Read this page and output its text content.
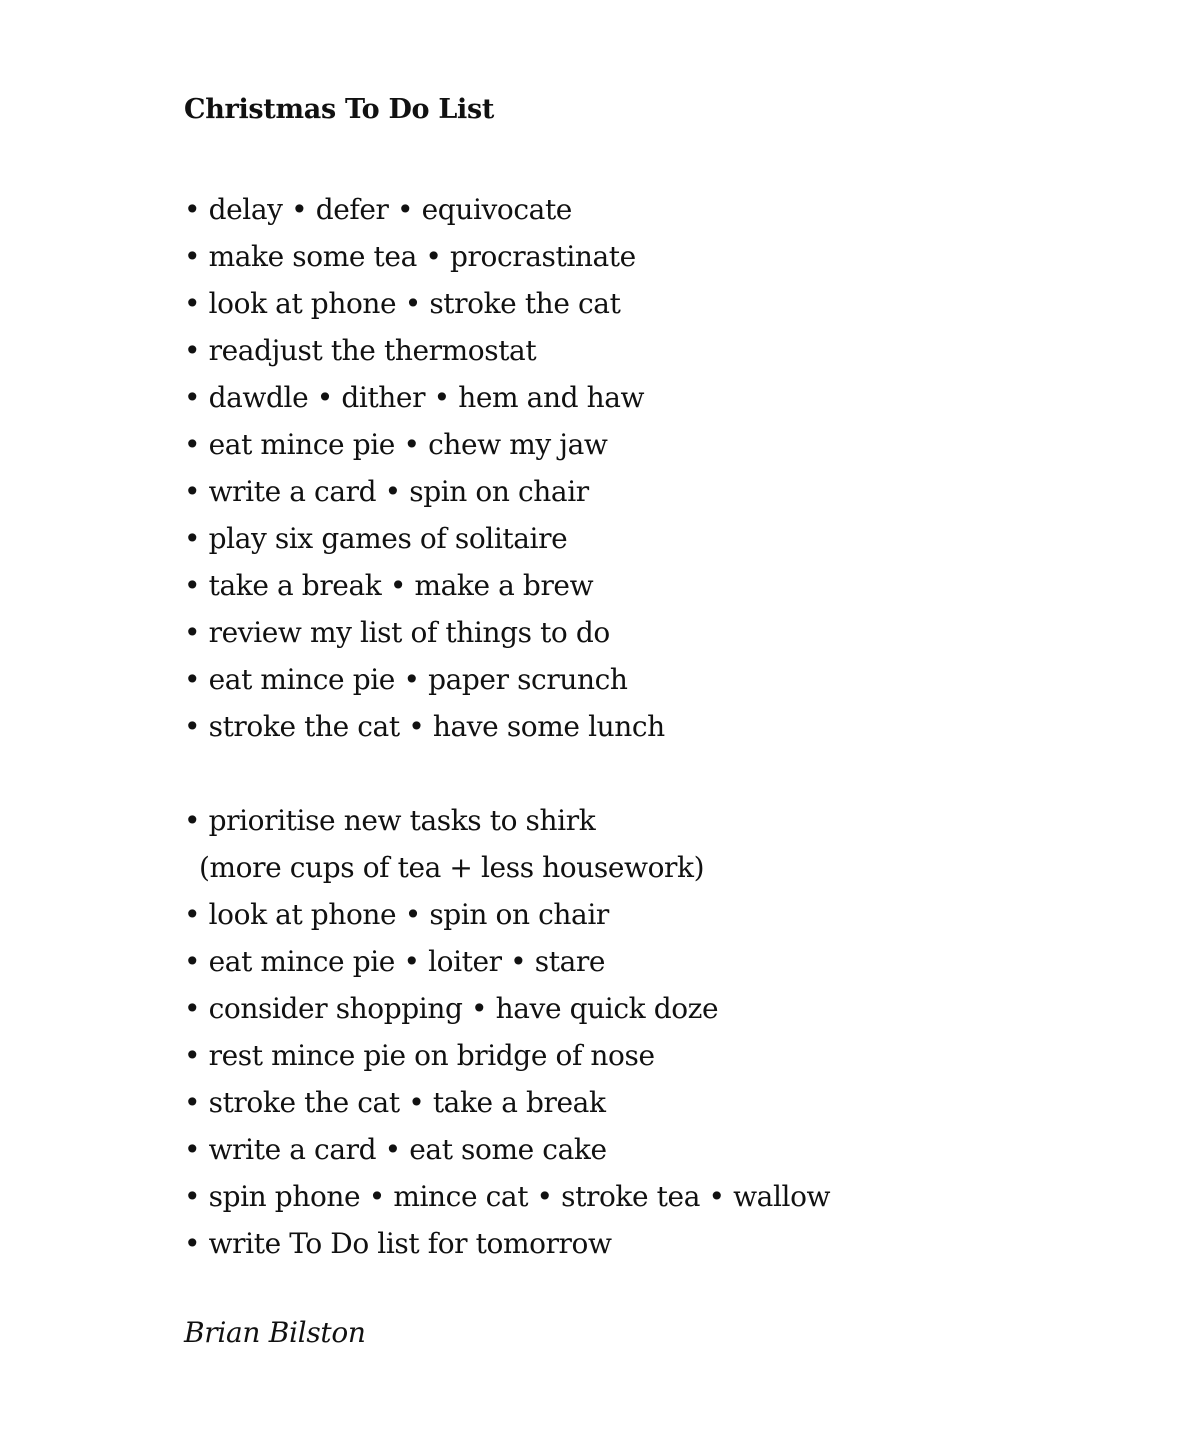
Christmas To Do List
• delay • defer • equivocate
• make some tea • procrastinate
• look at phone • stroke the cat
• readjust the thermostat
• dawdle • dither • hem and haw
• eat mince pie • chew my jaw
• write a card • spin on chair
• play six games of solitaire
• take a break • make a brew
• review my list of things to do
• eat mince pie • paper scrunch
• stroke the cat • have some lunch
• prioritise new tasks to shirk
(more cups of tea + less housework)
• look at phone • spin on chair
• eat mince pie • loiter • stare
• consider shopping • have quick doze
• rest mince pie on bridge of nose
• stroke the cat • take a break
• write a card • eat some cake
• spin phone • mince cat • stroke tea • wallow
• write To Do list for tomorrow
Brian Bilston
